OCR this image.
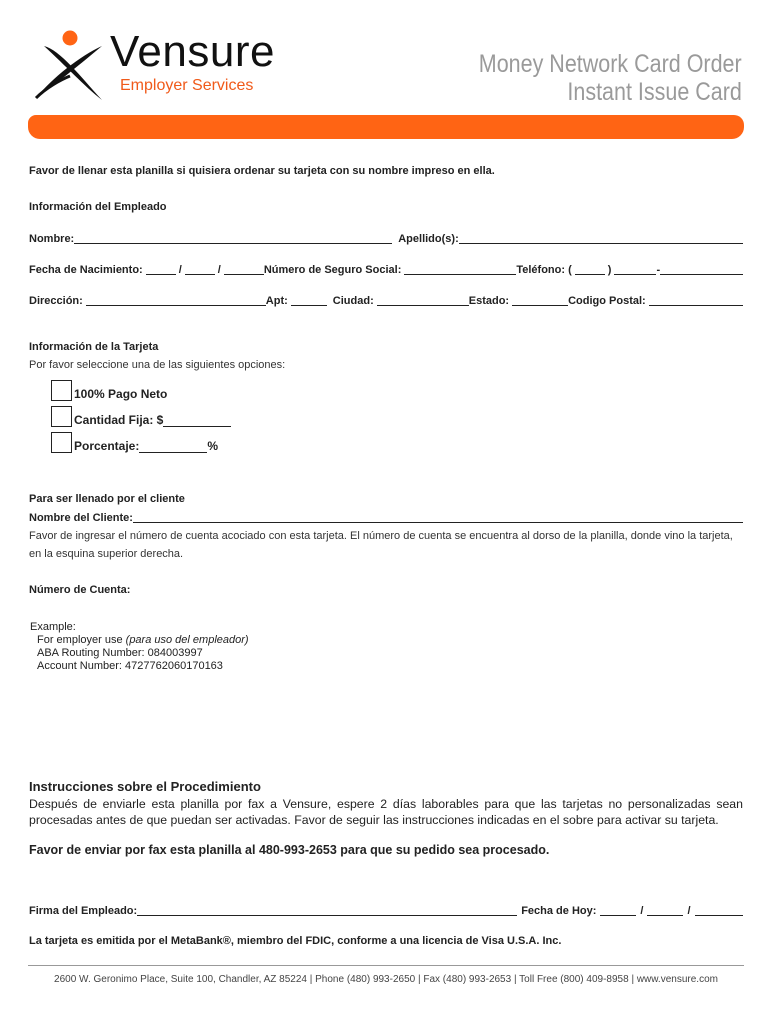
Vensure
Employer Services
Money Network Card Order
Instant Issue Card
Favor de llenar esta planilla si quisiera ordenar su tarjeta con su nombre impreso en ella.
Información del Empleado
Nombre:	Apellido(s):
Fecha de Nacimiento:	/	/	Número de Seguro Social:	Teléfono: (	)	-
Dirección:	Apt:	Ciudad:	Estado:	Codigo Postal:
Información de la Tarjeta
Por favor seleccione una de las siguientes opciones:
100% Pago Neto
Cantidad Fija: $
Porcentaje:	%
Para ser llenado por el cliente
Nombre del Cliente:
Favor de ingresar el número de cuenta acociado con esta tarjeta. El número de cuenta se encuentra al dorso de la planilla, donde vino la tarjeta,
en la esquina superior derecha.
Número de Cuenta:
Example:
For employer use (para uso del empleador)
ABA Routing Number: 084003997
Account Number: 4727762060170163
Instrucciones sobre el Procedimiento
Después de enviarle esta planilla por fax a Vensure, espere 2 días laborables para que las tarjetas no personalizadas sean procesadas antes de que puedan ser activadas. Favor de seguir las instrucciones indicadas en el sobre para activar su tarjeta.
Favor de enviar por fax esta planilla al 480-993-2653 para que su pedido sea procesado.
Firma del Empleado:	Fecha de Hoy:	/	/
La tarjeta es emitida por el MetaBank®, miembro del FDIC, conforme a una licencia de Visa U.S.A. Inc.
2600 W. Geronimo Place, Suite 100, Chandler, AZ 85224 | Phone (480) 993-2650 | Fax (480) 993-2653 | Toll Free (800) 409-8958 | www.vensure.com
